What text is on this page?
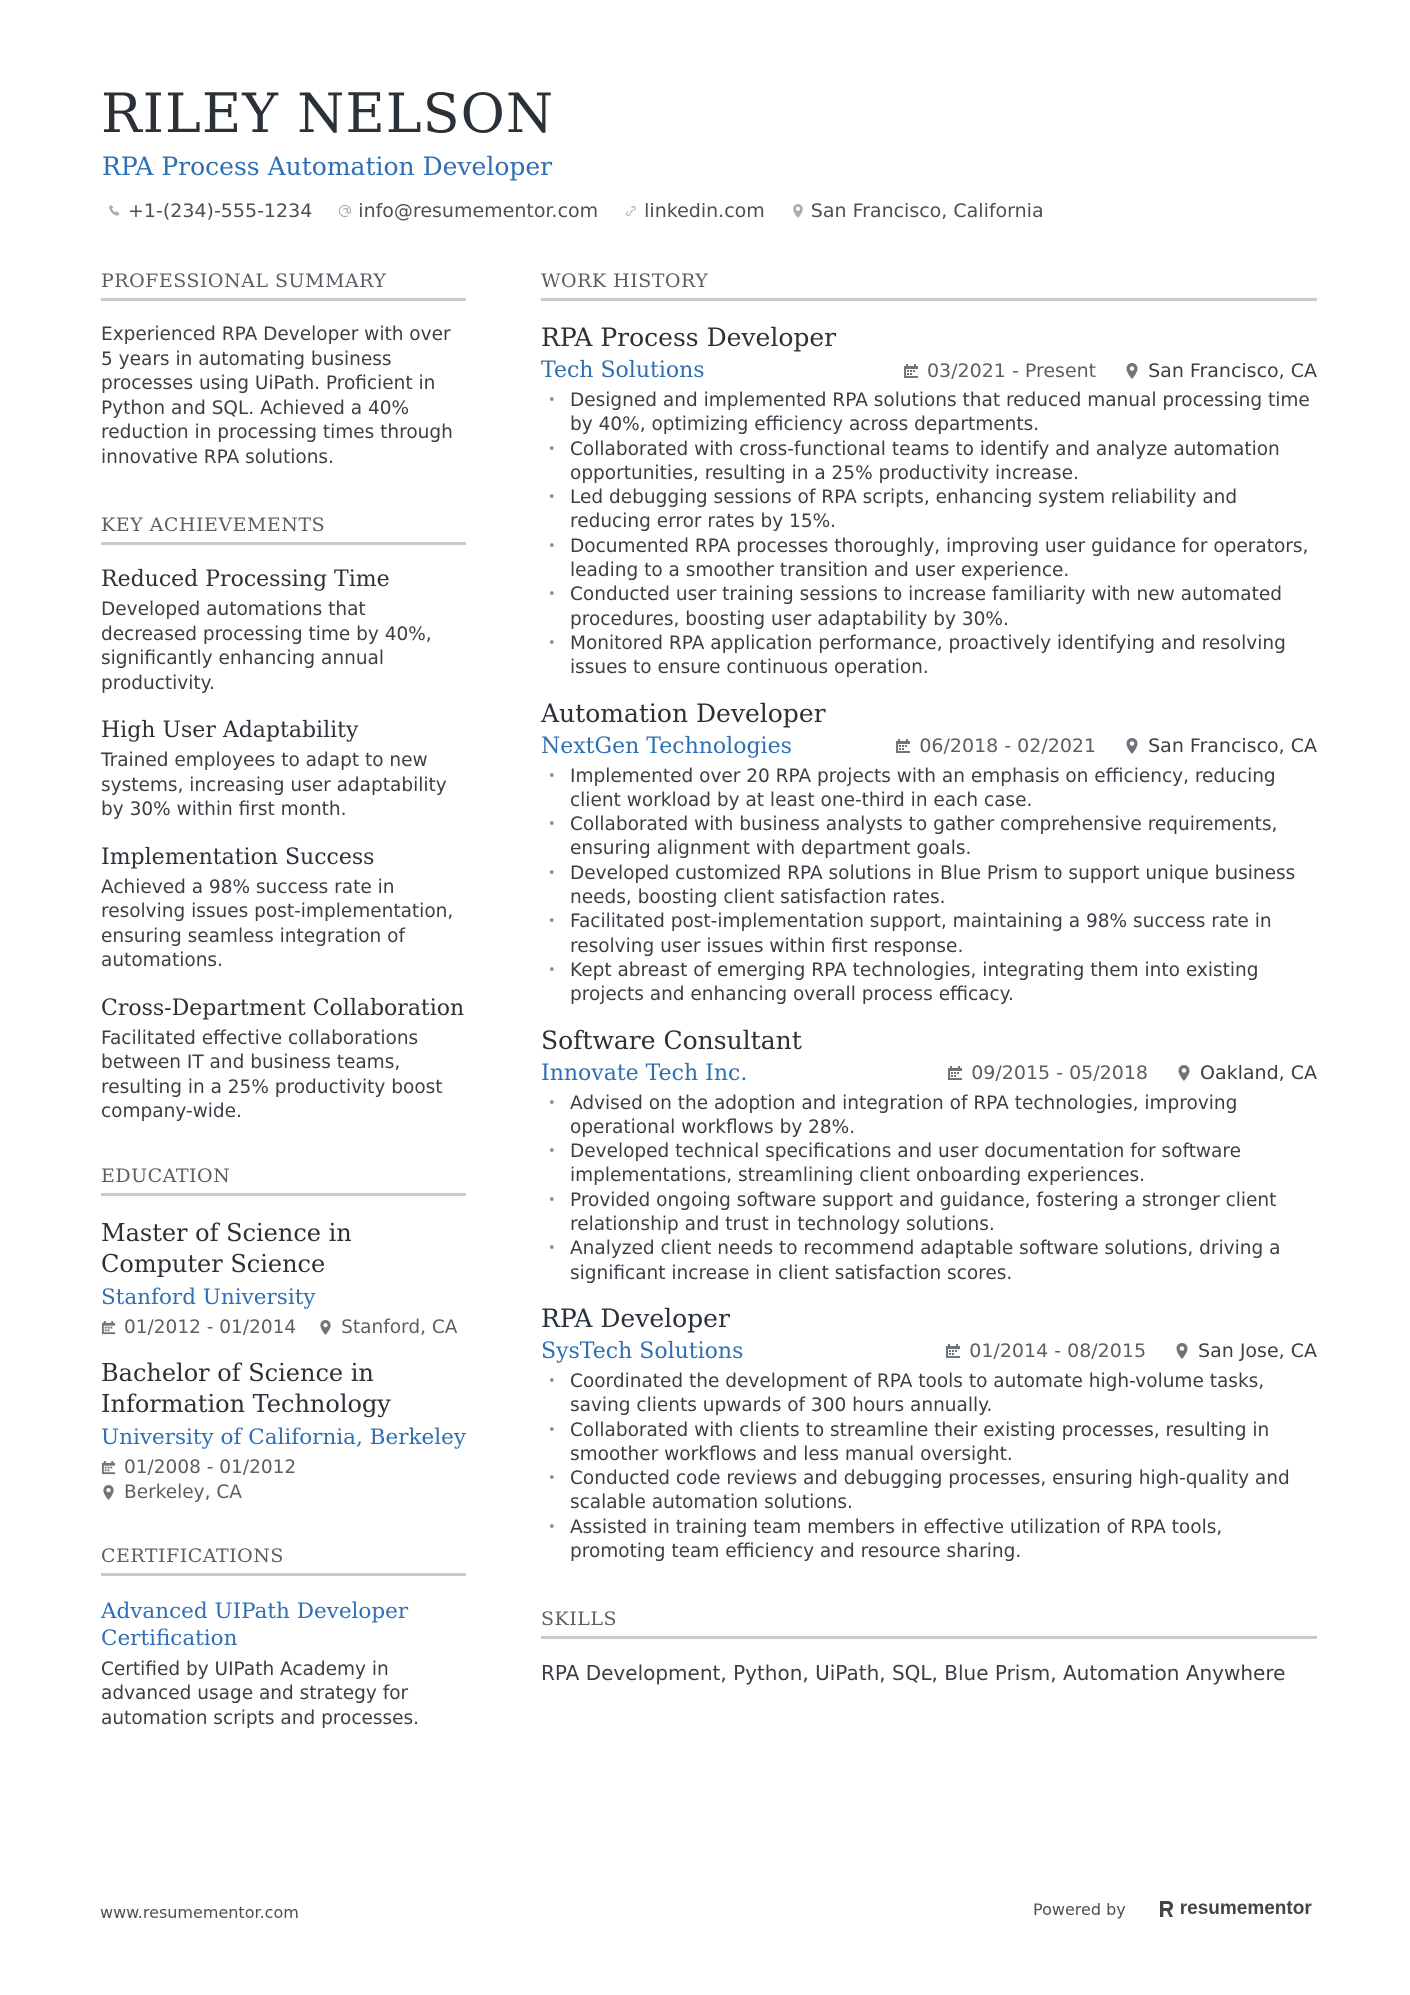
RILEY NELSON
RPA Process Automation Developer
+1-(234)-555-1234 info@resumementor.com linkedin.com San Francisco, California
PROFESSIONAL SUMMARY

Experienced RPA Developer with over 5 years in automating business processes using UiPath. Proficient in Python and SQL. Achieved a 40% reduction in processing times through innovative RPA solutions.

KEY ACHIEVEMENTS
Reduced Processing Time

Developed automations that decreased processing time by 40%, significantly enhancing annual productivity.

High User Adaptability

Trained employees to adapt to new systems, increasing user adaptability by 30% within first month.

Implementation Success

Achieved a 98% success rate in resolving issues post-implementation, ensuring seamless integration of automations.

Cross-Department Collaboration

Facilitated effective collaborations between IT and business teams, resulting in a 25% productivity boost company-wide.

EDUCATION
Master of Science in Computer Science
Stanford University
01/2012 - 01/2014 Stanford, CA
Bachelor of Science in Information Technology
University of California, Berkeley
01/2008 - 01/2012
Berkeley, CA
CERTIFICATIONS
Advanced UIPath Developer Certification

Certified by UIPath Academy in advanced usage and strategy for automation scripts and processes.

WORK HISTORY
RPA Process Developer
Tech Solutions	03/2021 - Present	San Francisco, CA
• Designed and implemented RPA solutions that reduced manual processing time by 40%, optimizing efficiency across departments.
• Collaborated with cross-functional teams to identify and analyze automation opportunities, resulting in a 25% productivity increase.
• Led debugging sessions of RPA scripts, enhancing system reliability and reducing error rates by 15%.
• Documented RPA processes thoroughly, improving user guidance for operators, leading to a smoother transition and user experience.
• Conducted user training sessions to increase familiarity with new automated procedures, boosting user adaptability by 30%.
• Monitored RPA application performance, proactively identifying and resolving issues to ensure continuous operation.
Automation Developer
NextGen Technologies	06/2018 - 02/2021	San Francisco, CA
• Implemented over 20 RPA projects with an emphasis on efficiency, reducing client workload by at least one-third in each case.
• Collaborated with business analysts to gather comprehensive requirements, ensuring alignment with department goals.
• Developed customized RPA solutions in Blue Prism to support unique business needs, boosting client satisfaction rates.
• Facilitated post-implementation support, maintaining a 98% success rate in resolving user issues within first response.
• Kept abreast of emerging RPA technologies, integrating them into existing projects and enhancing overall process efficacy.
Software Consultant
Innovate Tech Inc.	09/2015 - 05/2018	Oakland, CA
• Advised on the adoption and integration of RPA technologies, improving operational workflows by 28%.
• Developed technical specifications and user documentation for software implementations, streamlining client onboarding experiences.
• Provided ongoing software support and guidance, fostering a stronger client relationship and trust in technology solutions.
• Analyzed client needs to recommend adaptable software solutions, driving a significant increase in client satisfaction scores.
RPA Developer
SysTech Solutions	01/2014 - 08/2015	San Jose, CA
• Coordinated the development of RPA tools to automate high-volume tasks, saving clients upwards of 300 hours annually.
• Collaborated with clients to streamline their existing processes, resulting in smoother workflows and less manual oversight.
• Conducted code reviews and debugging processes, ensuring high-quality and scalable automation solutions.
• Assisted in training team members in effective utilization of RPA tools, promoting team efficiency and resource sharing.
SKILLS

RPA Development, Python, UiPath, SQL, Blue Prism, Automation Anywhere

www.resumementor.com	Powered by	resumementor
